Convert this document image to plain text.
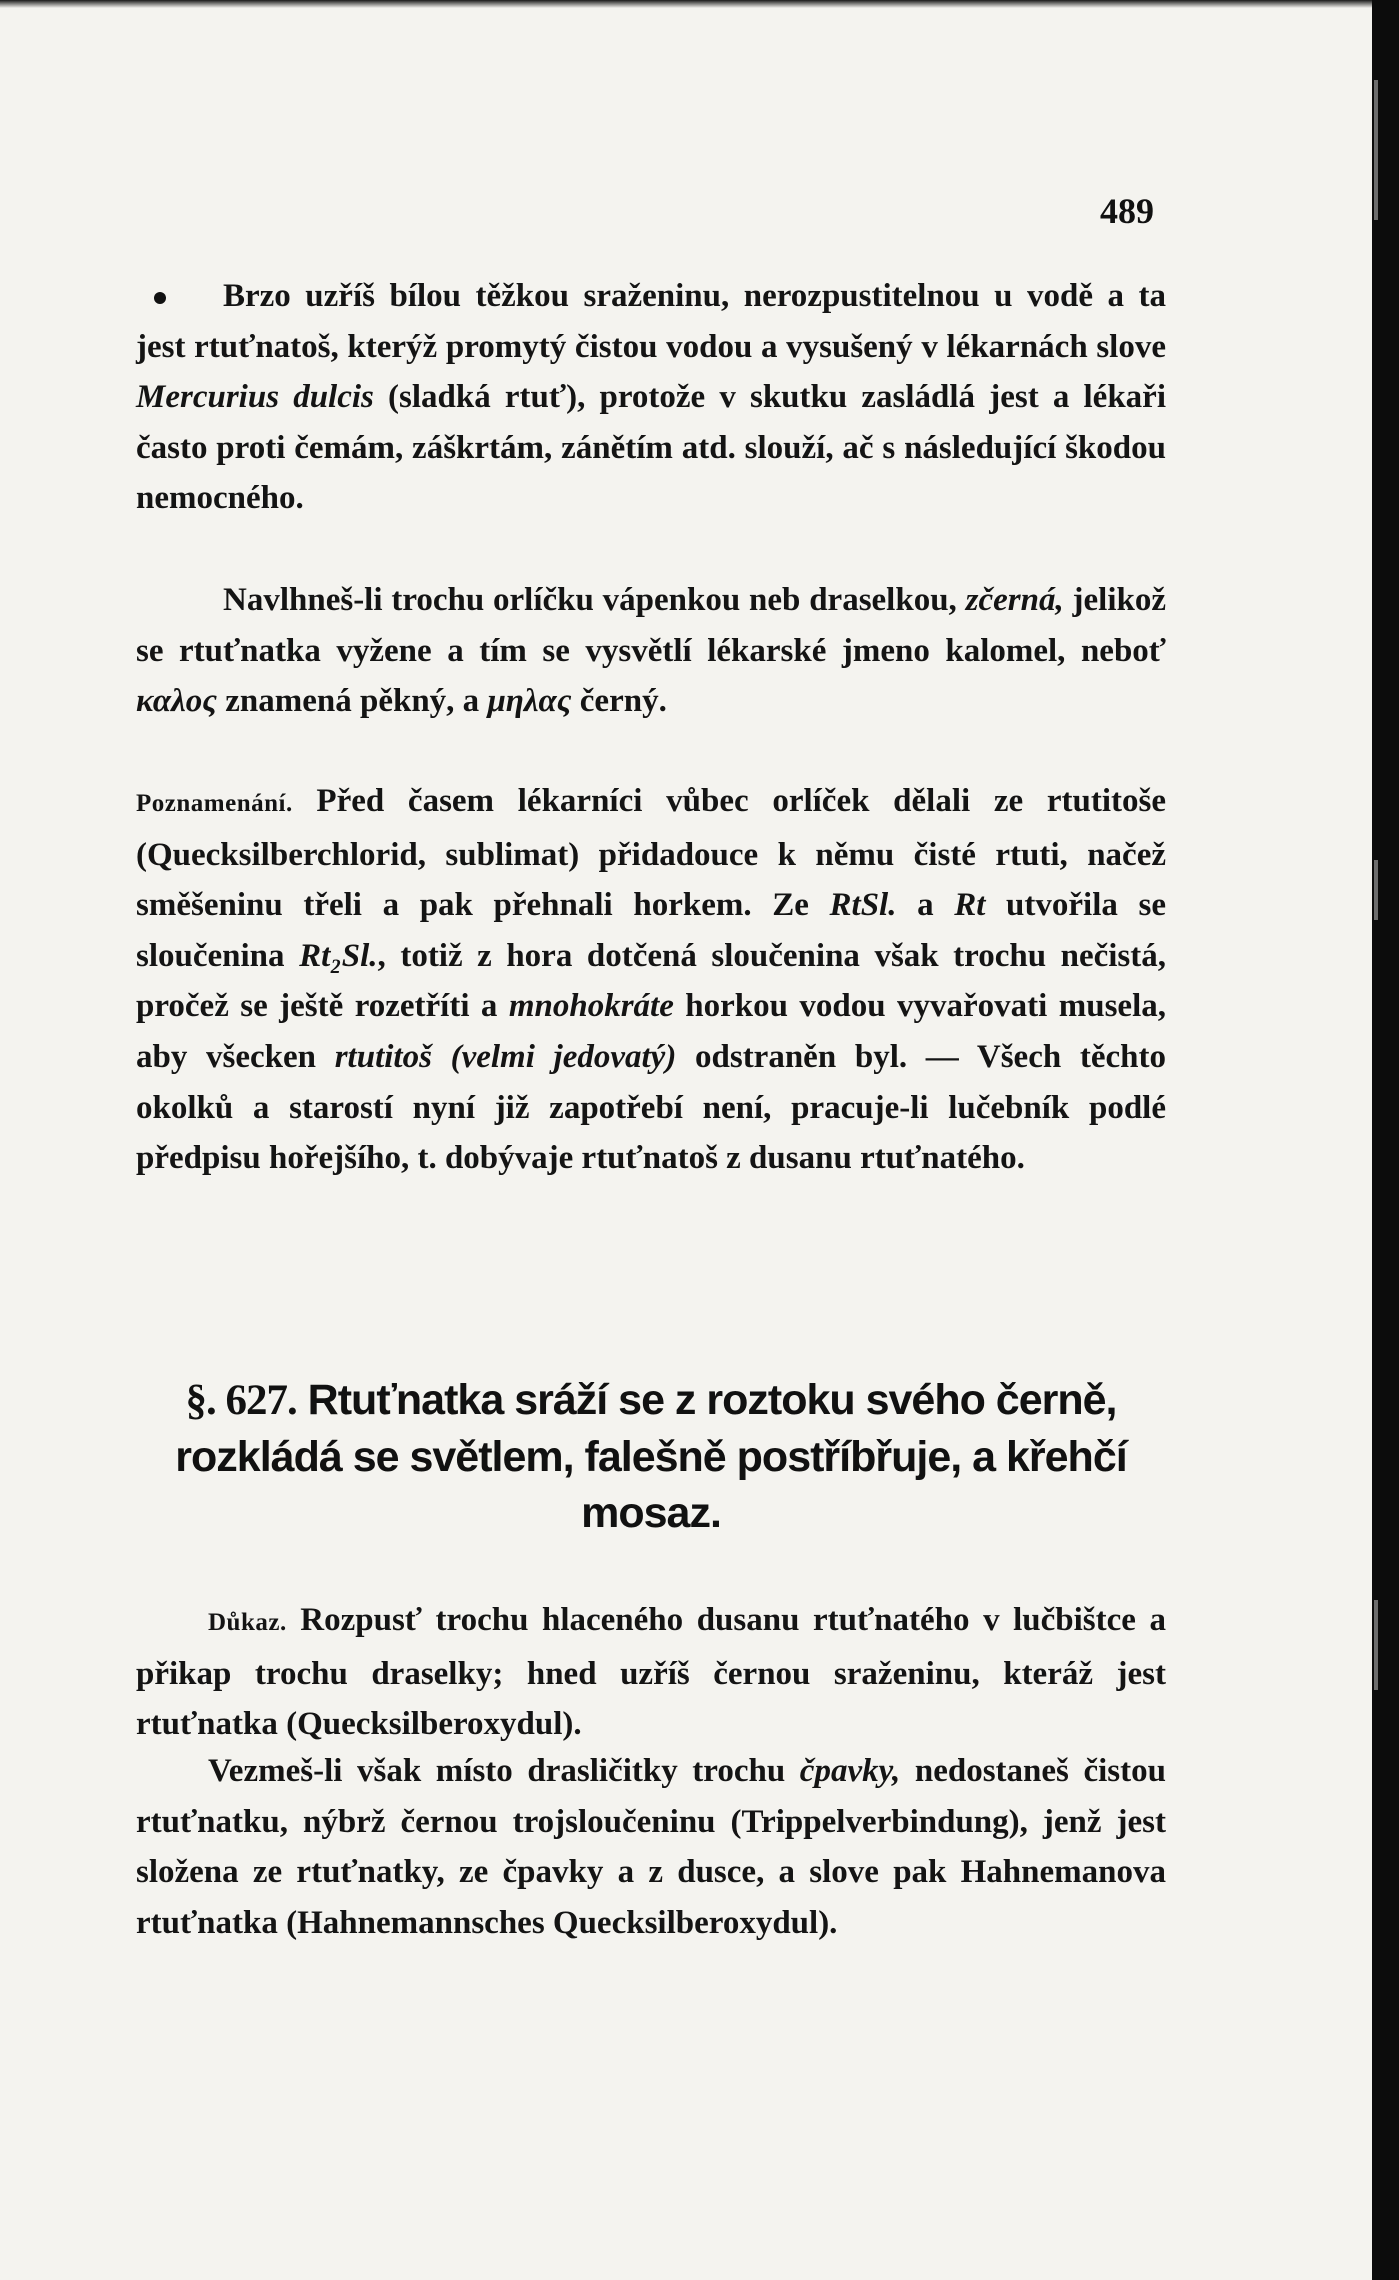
489

Brzo uzříš bílou těžkou sraženinu, nerozpustitelnou u vodě a ta jest rtuťnatoš, kterýž promytý čistou vodou a vysušený v lékarnách slove Mercurius dulcis (sladká rtuť), protože v skutku zasládlá jest a lékaři často proti čemám, záškrtám, zánětím atd. slouží, ač s následující škodou nemocného.

Navlhneš-li trochu orlíčku vápenkou neb draselkou, zčerná, jelikož se rtuťnatka vyžene a tím se vysvětlí lékarské jmeno kalomel, neboť καλος znamená pěkný, a μηλας černý.

Poznamenání. Před časem lékarníci vůbec orlíček dělali ze rtutitoše (Quecksilberchlorid, sublimat) přidadouce k němu čisté rtuti, načež směšeninu třeli a pak přehnali horkem. Ze RtSl. a Rt utvořila se sloučenina Rt₂Sl., totiž z hora dotčená sloučenina však trochu nečistá, pročež se ještě rozetříti a mnohokráte horkou vodou vyvařovati musela, aby všecken rtutitoš (velmi jedovatý) odstraněn byl. — Všech těchto okolků a starostí nyní již zapotřebí není, pracuje-li lučebník podlé předpisu hořejšího, t. dobývaje rtuťnatoš z dusanu rtuťnatého.

§. 627. Rtuťnatka sráží se z roztoku svého černě, rozkládá se světlem, falešně postříbřuje, a křehčí mosaz.

Důkaz. Rozpusť trochu hlaceného dusanu rtuťnatého v lučbištce a přikap trochu draselky; hned uzříš černou sraženinu, kteráž jest rtuťnatka (Quecksilberoxydul).

Vezmeš-li však místo drasličitky trochu čpavky, nedostaneš čistou rtuťnatku, nýbrž černou trojsloučeninu (Trippelverbindung), jenž jest složena ze rtuťnatky, ze čpavky a z dusce, a slove pak Hahnemanova rtuťnatka (Hahnemannsches Quecksilberoxydul).
